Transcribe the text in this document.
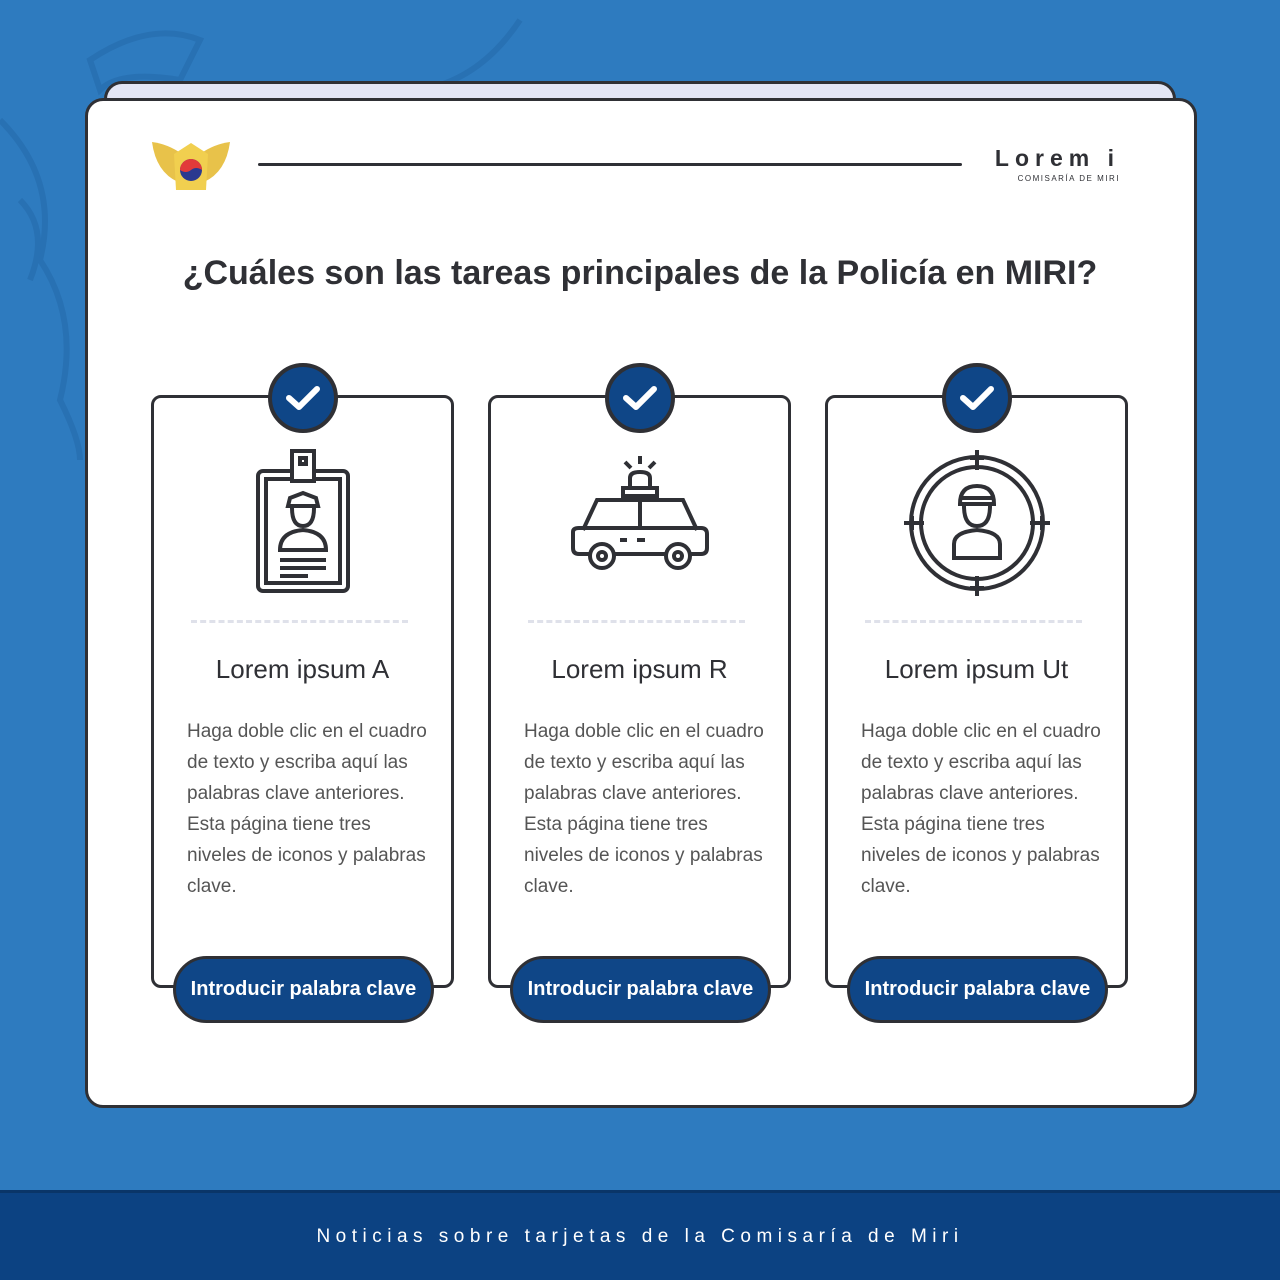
Lorem i
COMISARÍA DE MIRI
¿Cuáles son las tareas principales de la Policía en MIRI?
Lorem ipsum A
Haga doble clic en el cuadro de texto y escriba aquí las palabras clave anteriores. Esta página tiene tres niveles de iconos y palabras clave.
Introducir palabra clave
Lorem ipsum R
Haga doble clic en el cuadro de texto y escriba aquí las palabras clave anteriores. Esta página tiene tres niveles de iconos y palabras clave.
Introducir palabra clave
Lorem ipsum Ut
Haga doble clic en el cuadro de texto y escriba aquí las palabras clave anteriores. Esta página tiene tres niveles de iconos y palabras clave.
Introducir palabra clave
Noticias sobre tarjetas de la Comisaría de Miri
